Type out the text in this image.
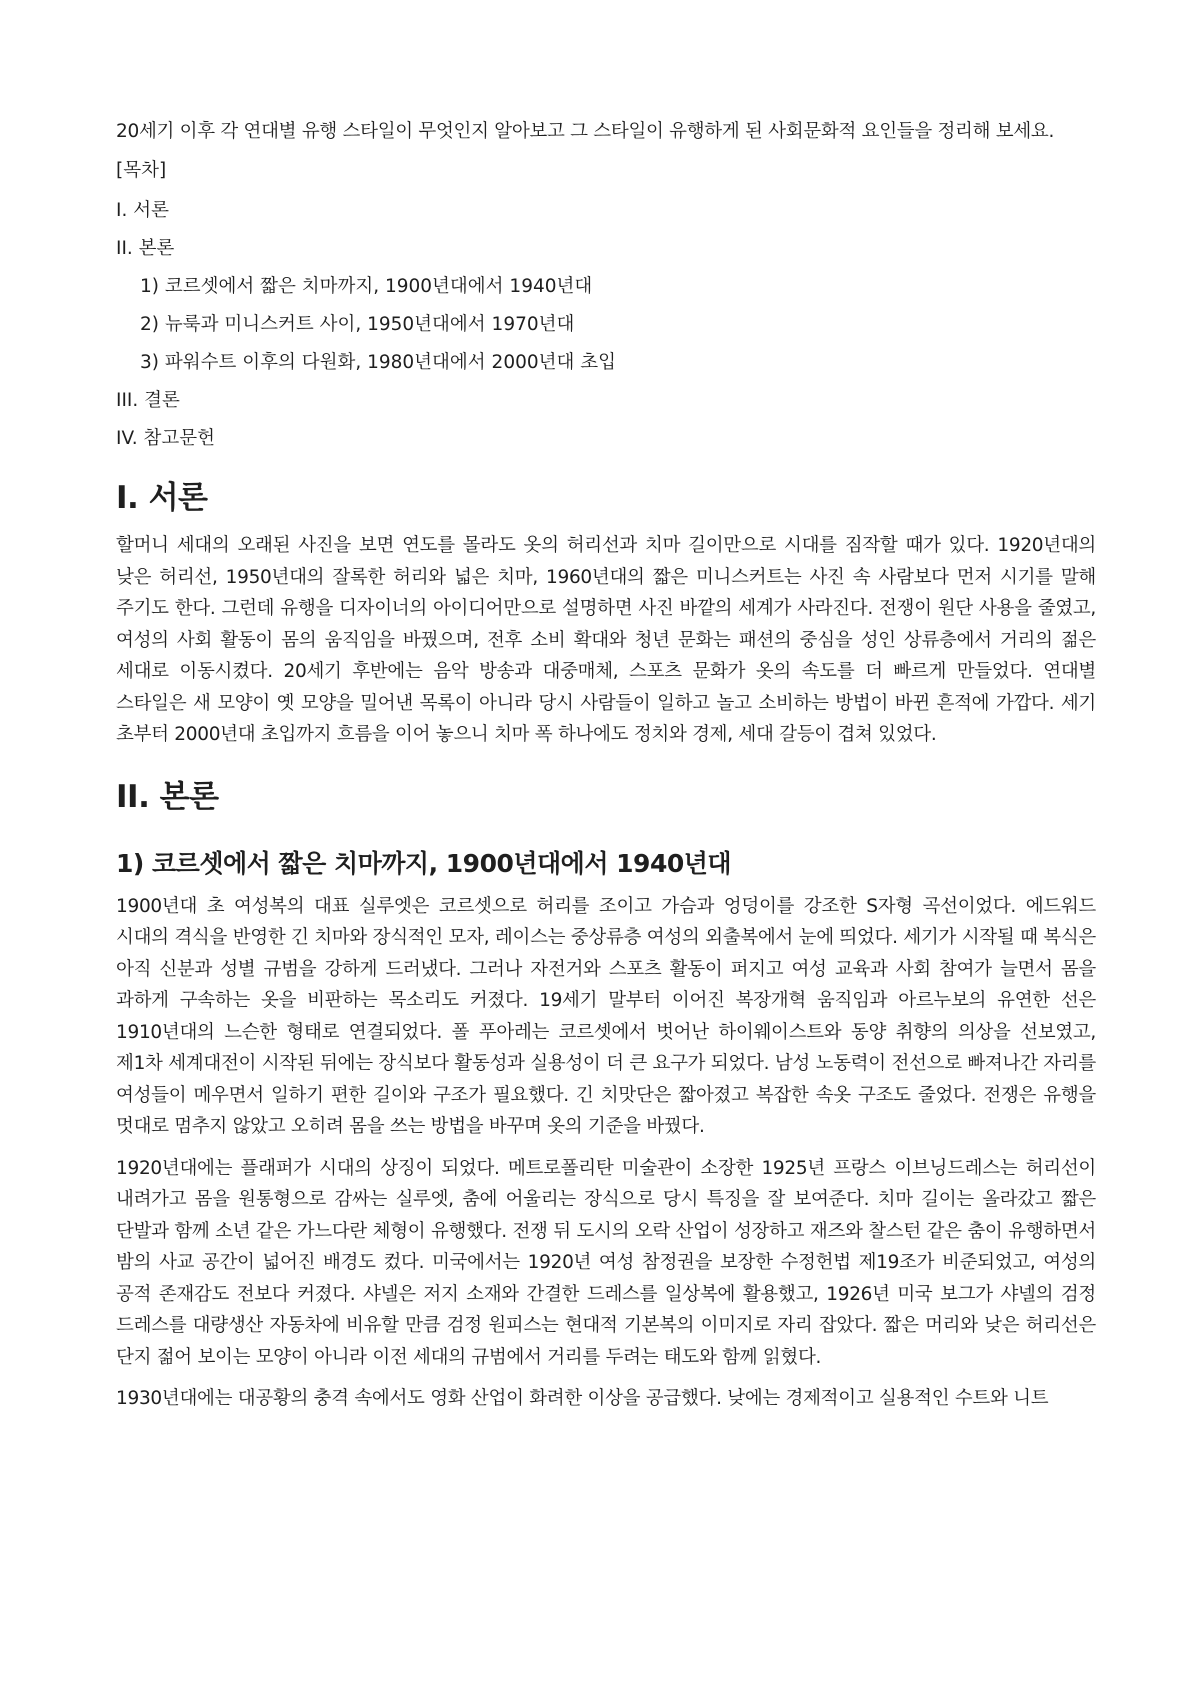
20세기 이후 각 연대별 유행 스타일이 무엇인지 알아보고 그 스타일이 유행하게 된 사회문화적 요인들을 정리해 보세요.

[목차]
I. 서론
II. 본론
1) 코르셋에서 짧은 치마까지, 1900년대에서 1940년대
2) 뉴룩과 미니스커트 사이, 1950년대에서 1970년대
3) 파워수트 이후의 다원화, 1980년대에서 2000년대 초입
III. 결론
IV. 참고문헌
I. 서론

할머니 세대의 오래된 사진을 보면 연도를 몰라도 옷의 허리선과 치마 길이만으로 시대를 짐작할 때가 있다. 1920년대의 낮은 허리선, 1950년대의 잘록한 허리와 넓은 치마, 1960년대의 짧은 미니스커트는 사진 속 사람보다 먼저 시기를 말해 주기도 한다. 그런데 유행을 디자이너의 아이디어만으로 설명하면 사진 바깥의 세계가 사라진다. 전쟁이 원단 사용을 줄였고, 여성의 사회 활동이 몸의 움직임을 바꿨으며, 전후 소비 확대와 청년 문화는 패션의 중심을 성인 상류층에서 거리의 젊은 세대로 이동시켰다. 20세기 후반에는 음악 방송과 대중매체, 스포츠 문화가 옷의 속도를 더 빠르게 만들었다. 연대별 스타일은 새 모양이 옛 모양을 밀어낸 목록이 아니라 당시 사람들이 일하고 놀고 소비하는 방법이 바뀐 흔적에 가깝다. 세기 초부터 2000년대 초입까지 흐름을 이어 놓으니 치마 폭 하나에도 정치와 경제, 세대 갈등이 겹쳐 있었다.

II. 본론
1) 코르셋에서 짧은 치마까지, 1900년대에서 1940년대

1900년대 초 여성복의 대표 실루엣은 코르셋으로 허리를 조이고 가슴과 엉덩이를 강조한 S자형 곡선이었다. 에드워드 시대의 격식을 반영한 긴 치마와 장식적인 모자, 레이스는 중상류층 여성의 외출복에서 눈에 띄었다. 세기가 시작될 때 복식은 아직 신분과 성별 규범을 강하게 드러냈다. 그러나 자전거와 스포츠 활동이 퍼지고 여성 교육과 사회 참여가 늘면서 몸을 과하게 구속하는 옷을 비판하는 목소리도 커졌다. 19세기 말부터 이어진 복장개혁 움직임과 아르누보의 유연한 선은 1910년대의 느슨한 형태로 연결되었다. 폴 푸아레는 코르셋에서 벗어난 하이웨이스트와 동양 취향의 의상을 선보였고, 제1차 세계대전이 시작된 뒤에는 장식보다 활동성과 실용성이 더 큰 요구가 되었다. 남성 노동력이 전선으로 빠져나간 자리를 여성들이 메우면서 일하기 편한 길이와 구조가 필요했다. 긴 치맛단은 짧아졌고 복잡한 속옷 구조도 줄었다. 전쟁은 유행을 멋대로 멈추지 않았고 오히려 몸을 쓰는 방법을 바꾸며 옷의 기준을 바꿨다.

1920년대에는 플래퍼가 시대의 상징이 되었다. 메트로폴리탄 미술관이 소장한 1925년 프랑스 이브닝드레스는 허리선이 내려가고 몸을 원통형으로 감싸는 실루엣, 춤에 어울리는 장식으로 당시 특징을 잘 보여준다. 치마 길이는 올라갔고 짧은 단발과 함께 소년 같은 가느다란 체형이 유행했다. 전쟁 뒤 도시의 오락 산업이 성장하고 재즈와 찰스턴 같은 춤이 유행하면서 밤의 사교 공간이 넓어진 배경도 컸다. 미국에서는 1920년 여성 참정권을 보장한 수정헌법 제19조가 비준되었고, 여성의 공적 존재감도 전보다 커졌다. 샤넬은 저지 소재와 간결한 드레스를 일상복에 활용했고, 1926년 미국 보그가 샤넬의 검정 드레스를 대량생산 자동차에 비유할 만큼 검정 원피스는 현대적 기본복의 이미지로 자리 잡았다. 짧은 머리와 낮은 허리선은 단지 젊어 보이는 모양이 아니라 이전 세대의 규범에서 거리를 두려는 태도와 함께 읽혔다.

1930년대에는 대공황의 충격 속에서도 영화 산업이 화려한 이상을 공급했다. 낮에는 경제적이고 실용적인 수트와 니트
